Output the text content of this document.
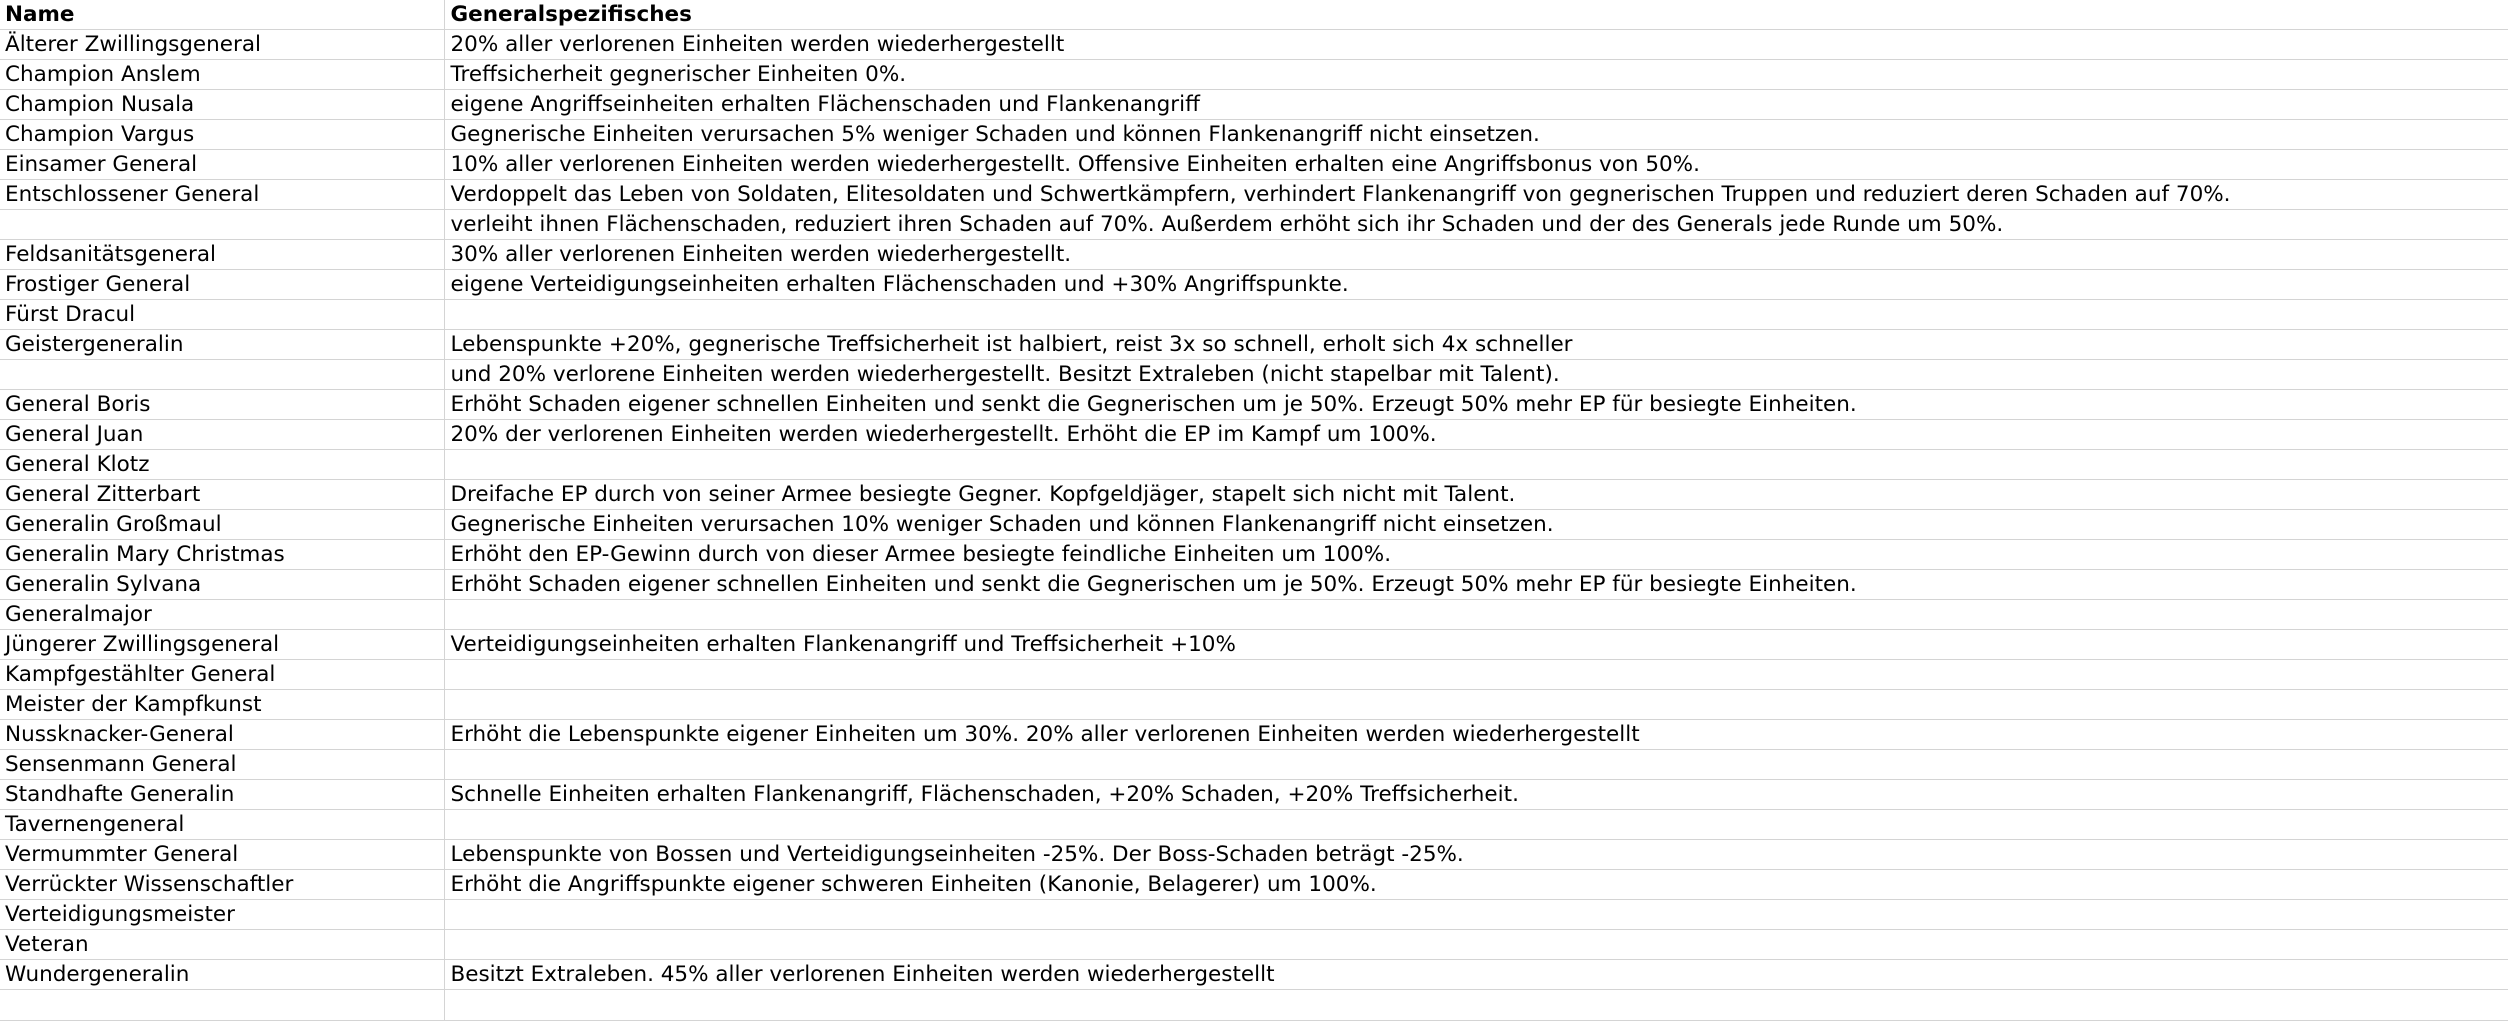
Name	Generalspezifisches
Älterer Zwillingsgeneral	20% aller verlorenen Einheiten werden wiederhergestellt
Champion Anslem	Treffsicherheit gegnerischer Einheiten 0%.
Champion Nusala	eigene Angriffseinheiten erhalten Flächenschaden und Flankenangriff
Champion Vargus	Gegnerische Einheiten verursachen 5% weniger Schaden und können Flankenangriff nicht einsetzen.
Einsamer General	10% aller verlorenen Einheiten werden wiederhergestellt. Offensive Einheiten erhalten eine Angriffsbonus von 50%.
Entschlossener General	Verdoppelt das Leben von Soldaten, Elitesoldaten und Schwertkämpfern, verhindert Flankenangriff von gegnerischen Truppen und reduziert deren Schaden auf 70%.
	verleiht ihnen Flächenschaden, reduziert ihren Schaden auf 70%. Außerdem erhöht sich ihr Schaden und der des Generals jede Runde um 50%.
Feldsanitätsgeneral	30% aller verlorenen Einheiten werden wiederhergestellt.
Frostiger General	eigene Verteidigungseinheiten erhalten Flächenschaden und +30% Angriffspunkte.
Fürst Dracul	
Geistergeneralin	Lebenspunkte +20%, gegnerische Treffsicherheit ist halbiert, reist 3x so schnell, erholt sich 4x schneller
	und 20% verlorene Einheiten werden wiederhergestellt. Besitzt Extraleben (nicht stapelbar mit Talent).
General Boris	Erhöht Schaden eigener schnellen Einheiten und senkt die Gegnerischen um je 50%. Erzeugt 50% mehr EP für besiegte Einheiten.
General Juan	20% der verlorenen Einheiten werden wiederhergestellt. Erhöht die EP im Kampf um 100%.
General Klotz	
General Zitterbart	Dreifache EP durch von seiner Armee besiegte Gegner. Kopfgeldjäger, stapelt sich nicht mit Talent.
Generalin Großmaul	Gegnerische Einheiten verursachen 10% weniger Schaden und können Flankenangriff nicht einsetzen.
Generalin Mary Christmas	Erhöht den EP-Gewinn durch von dieser Armee besiegte feindliche Einheiten um 100%.
Generalin Sylvana	Erhöht Schaden eigener schnellen Einheiten und senkt die Gegnerischen um je 50%. Erzeugt 50% mehr EP für besiegte Einheiten.
Generalmajor	
Jüngerer Zwillingsgeneral	Verteidigungseinheiten erhalten Flankenangriff und Treffsicherheit +10%
Kampfgestählter General	
Meister der Kampfkunst	
Nussknacker-General	Erhöht die Lebenspunkte eigener Einheiten um 30%. 20% aller verlorenen Einheiten werden wiederhergestellt
Sensenmann General	
Standhafte Generalin	Schnelle Einheiten erhalten Flankenangriff, Flächenschaden, +20% Schaden, +20% Treffsicherheit.
Tavernengeneral	
Vermummter General	Lebenspunkte von Bossen und Verteidigungseinheiten -25%. Der Boss-Schaden beträgt -25%.
Verrückter Wissenschaftler	Erhöht die Angriffspunkte eigener schweren Einheiten (Kanonie, Belagerer) um 100%.
Verteidigungsmeister	
Veteran	
Wundergeneralin	Besitzt Extraleben. 45% aller verlorenen Einheiten werden wiederhergestellt
